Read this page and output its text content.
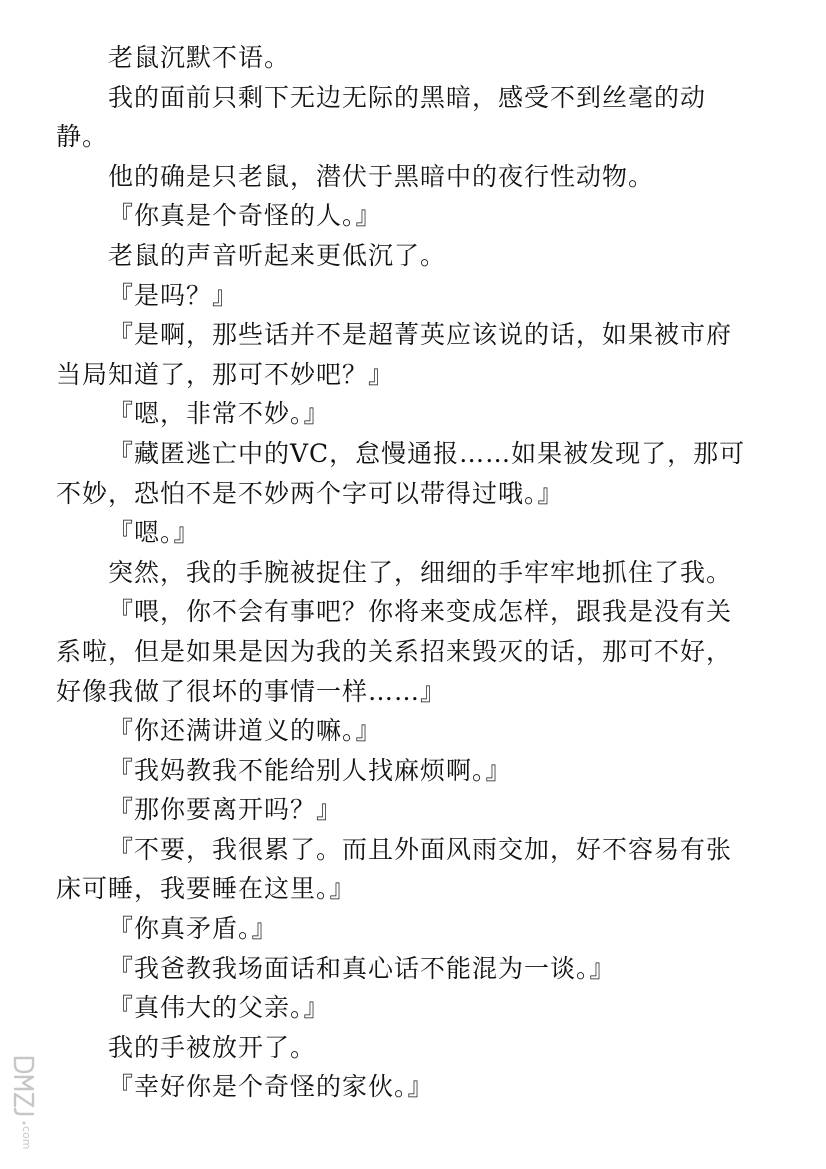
老鼠沉默不语。
我的面前只剩下无边无际的黑暗，感受不到丝毫的动
静。
他的确是只老鼠，潜伏于黑暗中的夜行性动物。
『你真是个奇怪的人。』
老鼠的声音听起来更低沉了。
『是吗？』
『是啊，那些话并不是超菁英应该说的话，如果被市府
当局知道了，那可不妙吧？』
『嗯，非常不妙。』
『藏匿逃亡中的VC，怠慢通报……如果被发现了，那可
不妙，恐怕不是不妙两个字可以带得过哦。』
『嗯。』
突然，我的手腕被捉住了，细细的手牢牢地抓住了我。
『喂，你不会有事吧？你将来变成怎样，跟我是没有关
系啦，但是如果是因为我的关系招来毁灭的话，那可不好，
好像我做了很坏的事情一样……』
『你还满讲道义的嘛。』
『我妈教我不能给别人找麻烦啊。』
『那你要离开吗？』
『不要，我很累了。而且外面风雨交加，好不容易有张
床可睡，我要睡在这里。』
『你真矛盾。』
『我爸教我场面话和真心话不能混为一谈。』
『真伟大的父亲。』
我的手被放开了。
『幸好你是个奇怪的家伙。』
com
